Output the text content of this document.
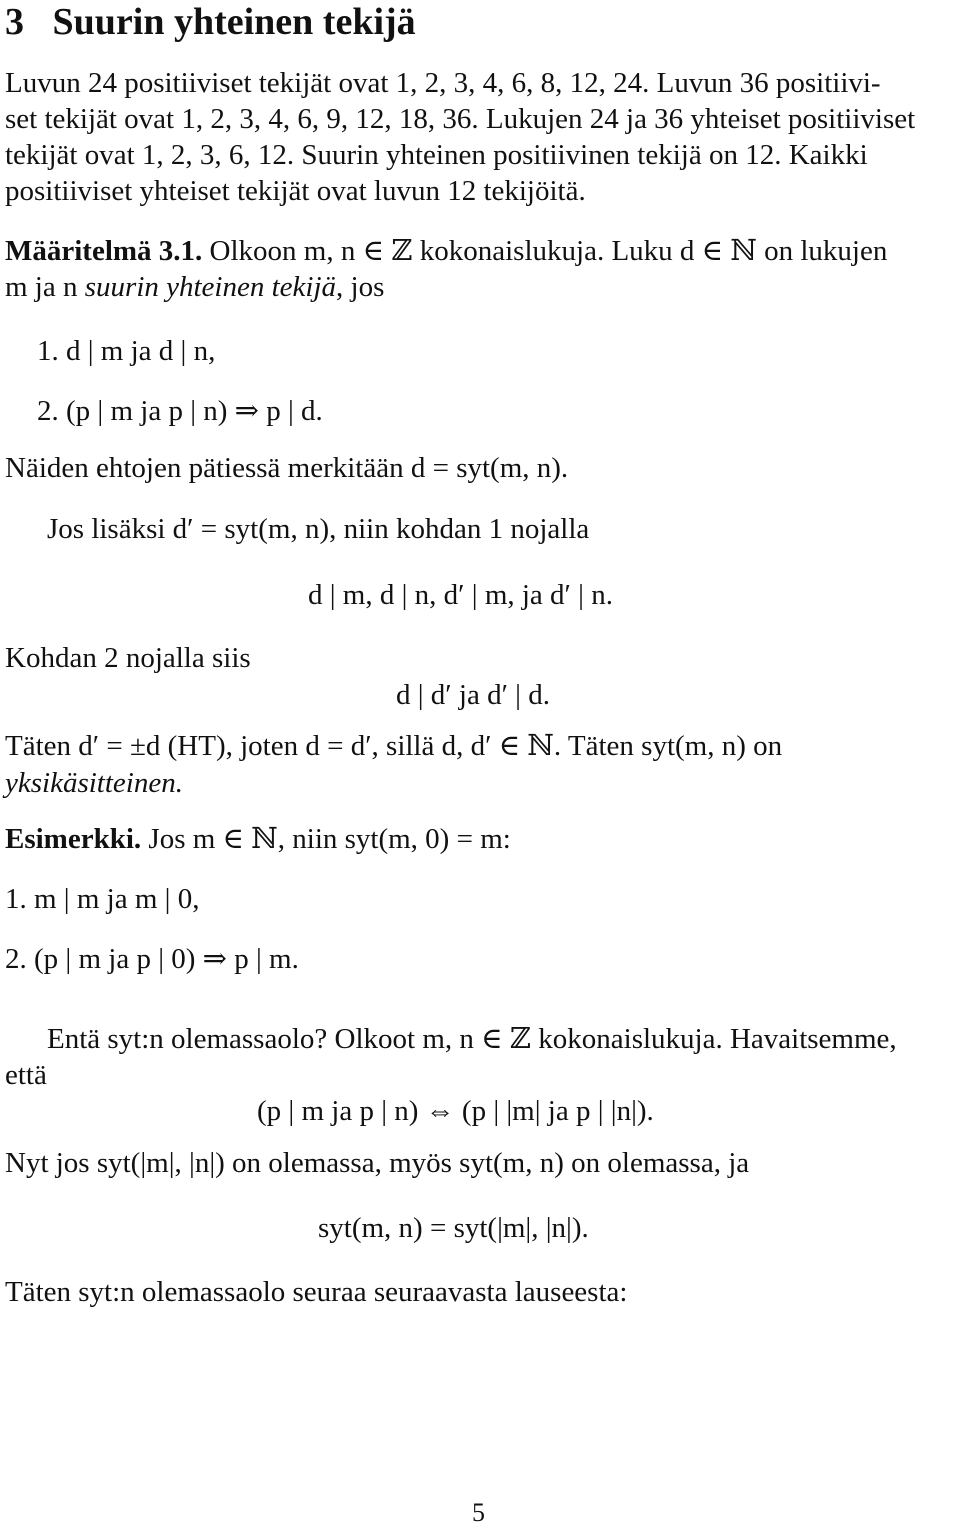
3 Suurin yhteinen tekijä
Luvun 24 positiiviset tekijät ovat 1, 2, 3, 4, 6, 8, 12, 24. Luvun 36 positiivi-
set tekijät ovat 1, 2, 3, 4, 6, 9, 12, 18, 36. Lukujen 24 ja 36 yhteiset positiiviset
tekijät ovat 1, 2, 3, 6, 12. Suurin yhteinen positiivinen tekijä on 12. Kaikki
positiiviset yhteiset tekijät ovat luvun 12 tekijöitä.
Määritelmä 3.1. Olkoon m, n ∈ ℤ kokonaislukuja. Luku d ∈ ℕ on lukujen
m ja n suurin yhteinen tekijä, jos
1. d | m ja d | n,
2. (p | m ja p | n) ⇒ p | d.
Näiden ehtojen pätiessä merkitään d = syt(m, n).
Jos lisäksi d′ = syt(m, n), niin kohdan 1 nojalla
d | m, d | n, d′ | m, ja d′ | n.
Kohdan 2 nojalla siis
d | d′ ja d′ | d.
Täten d′ = ±d (HT), joten d = d′, sillä d, d′ ∈ ℕ. Täten syt(m, n) on
yksikäsitteinen.
Esimerkki. Jos m ∈ ℕ, niin syt(m, 0) = m:
1. m | m ja m | 0,
2. (p | m ja p | 0) ⇒ p | m.
Entä syt:n olemassaolo? Olkoot m, n ∈ ℤ kokonaislukuja. Havaitsemme,
että
(p | m ja p | n) ⇔ (p | |m| ja p | |n|).
Nyt jos syt(|m|, |n|) on olemassa, myös syt(m, n) on olemassa, ja
syt(m, n) = syt(|m|, |n|).
Täten syt:n olemassaolo seuraa seuraavasta lauseesta:
5
